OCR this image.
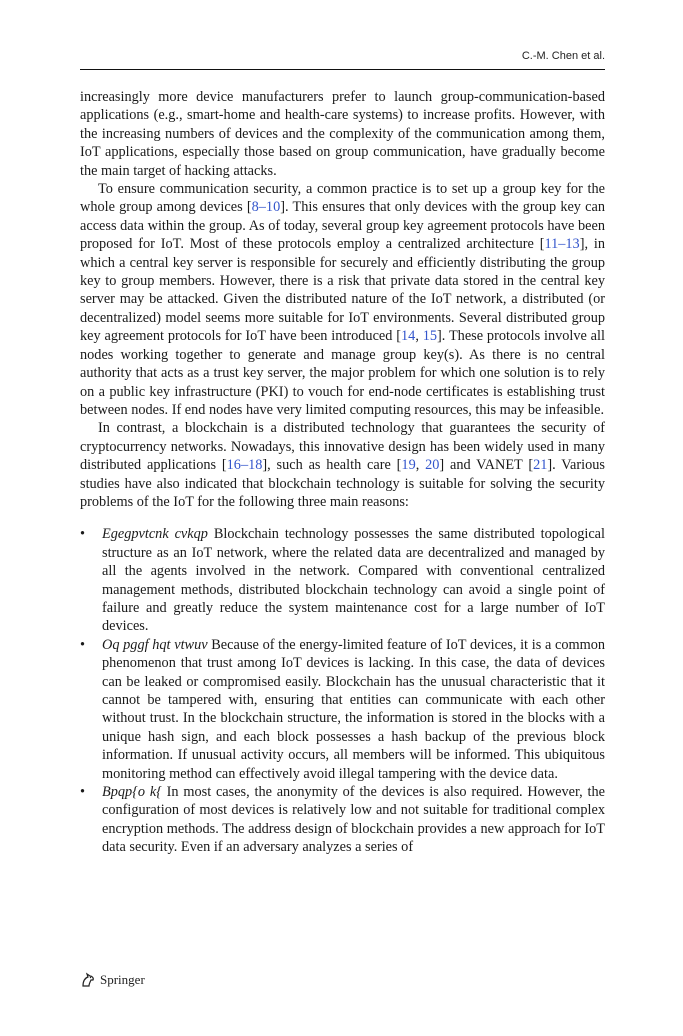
C.-M. Chen et al.

increasingly more device manufacturers prefer to launch group-communication-based applications (e.g., smart-home and health-care systems) to increase profits. However, with the increasing numbers of devices and the complexity of the communication among them, IoT applications, especially those based on group communication, have gradually become the main target of hacking attacks.

To ensure communication security, a common practice is to set up a group key for the whole group among devices [8–10]. This ensures that only devices with the group key can access data within the group. As of today, several group key agreement protocols have been proposed for IoT. Most of these protocols employ a centralized architecture [11–13], in which a central key server is responsible for securely and efficiently distributing the group key to group members. However, there is a risk that private data stored in the central key server may be attacked. Given the distributed nature of the IoT network, a distributed (or decentralized) model seems more suitable for IoT environments. Several distributed group key agreement protocols for IoT have been introduced [14, 15]. These protocols involve all nodes working together to generate and manage group key(s). As there is no central authority that acts as a trust key server, the major problem for which one solution is to rely on a public key infrastructure (PKI) to vouch for end-node certificates is establishing trust between nodes. If end nodes have very limited computing resources, this may be infeasible.

In contrast, a blockchain is a distributed technology that guarantees the security of cryptocurrency networks. Nowadays, this innovative design has been widely used in many distributed applications [16–18], such as health care [19, 20] and VANET [21]. Various studies have also indicated that blockchain technology is suitable for solving the security problems of the IoT for the following three main reasons:

• Egegpvtcnk cvkqp Blockchain technology possesses the same distributed topological structure as an IoT network, where the related data are decentralized and managed by all the agents involved in the network. Compared with conventional centralized management methods, distributed blockchain technology can avoid a single point of failure and greatly reduce the system maintenance cost for a large number of IoT devices.
• Oq pggf hqt vtwuv Because of the energy-limited feature of IoT devices, it is a common phenomenon that trust among IoT devices is lacking. In this case, the data of devices can be leaked or compromised easily. Blockchain has the unusual characteristic that it cannot be tampered with, ensuring that entities can communicate with each other without trust. In the blockchain structure, the information is stored in the blocks with a unique hash sign, and each block possesses a hash backup of the previous block information. If unusual activity occurs, all members will be informed. This ubiquitous monitoring method can effectively avoid illegal tampering with the device data.
• Bpqp{o k{ In most cases, the anonymity of the devices is also required. However, the configuration of most devices is relatively low and not suitable for traditional complex encryption methods. The address design of blockchain provides a new approach for IoT data security. Even if an adversary analyzes a series of
Springer
